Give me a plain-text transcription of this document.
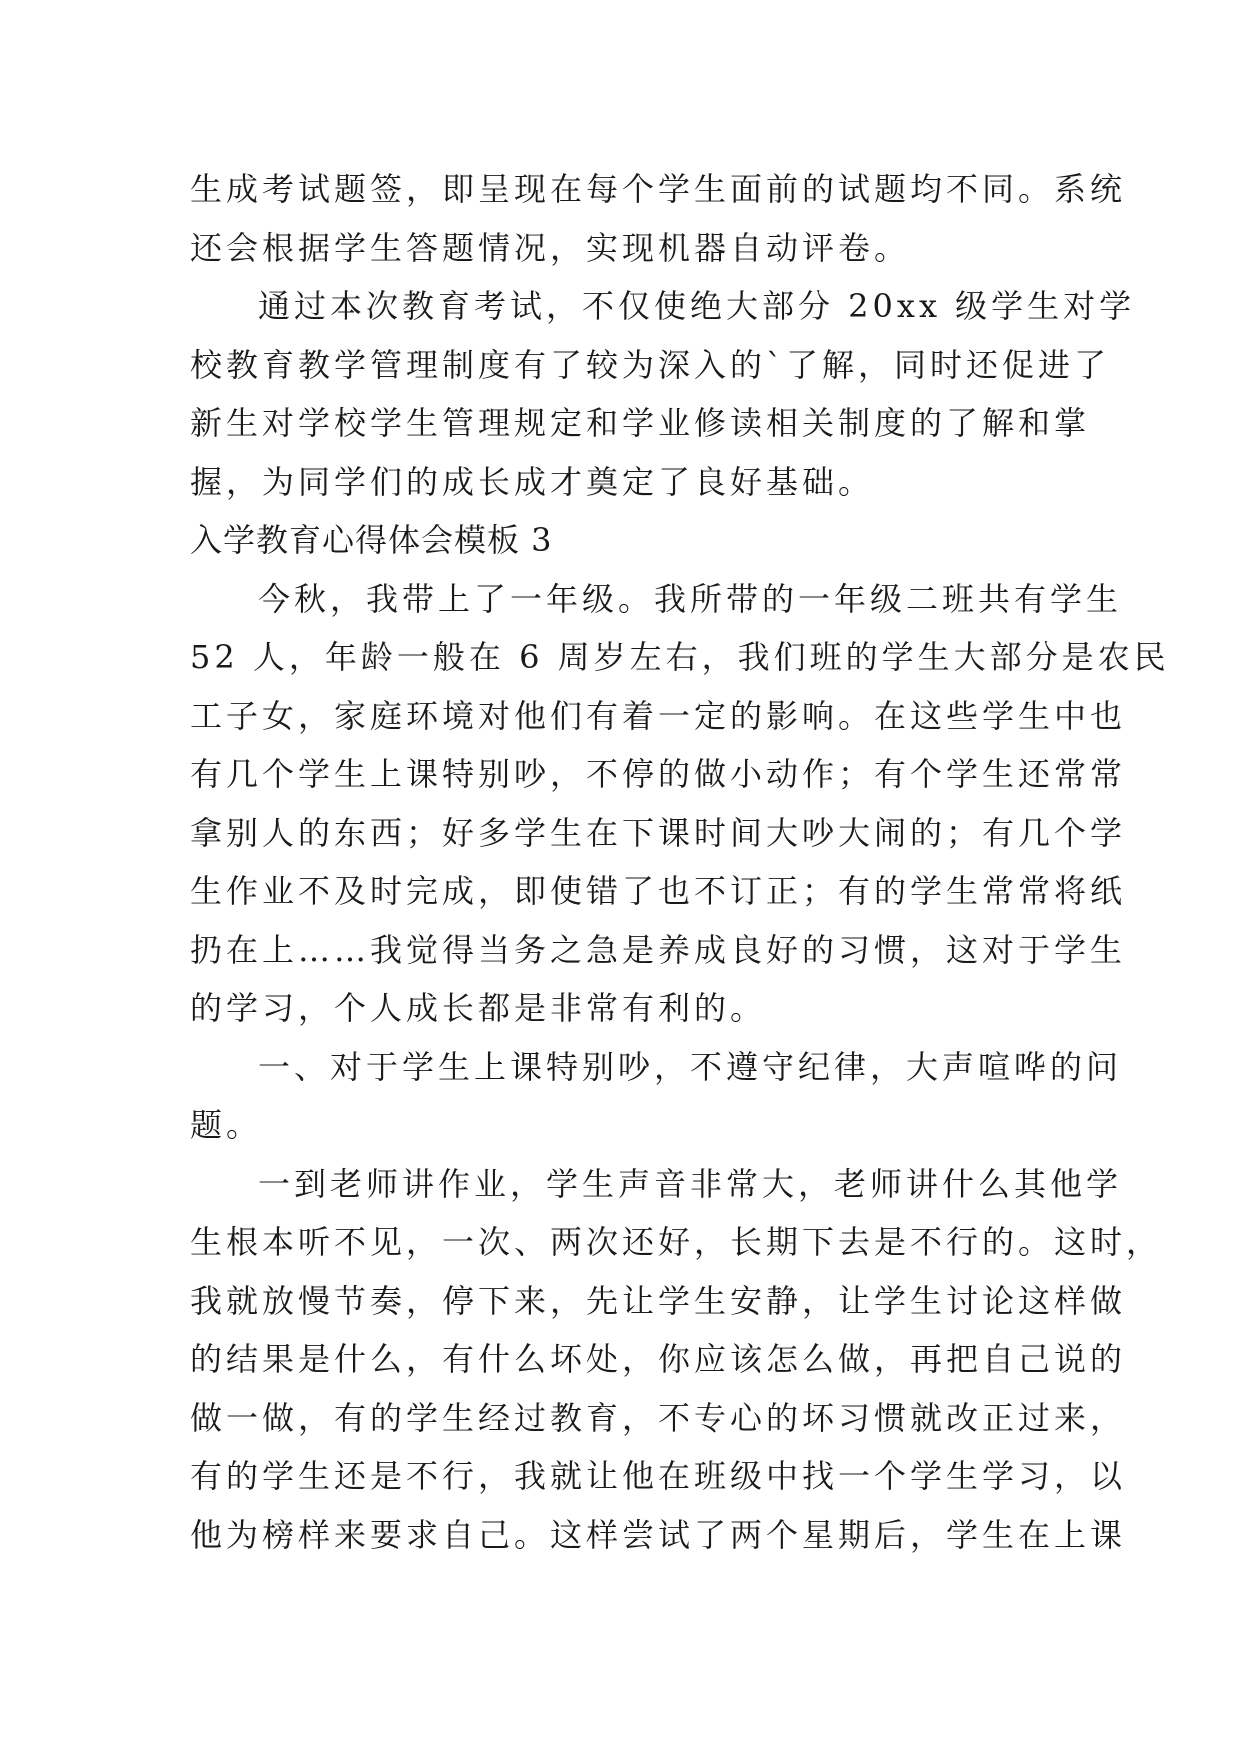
生成考试题签，即呈现在每个学生面前的试题均不同。系统
还会根据学生答题情况，实现机器自动评卷。
通过本次教育考试，不仅使绝大部分 20xx 级学生对学
校教育教学管理制度有了较为深入的`了解，同时还促进了
新生对学校学生管理规定和学业修读相关制度的了解和掌
握，为同学们的成长成才奠定了良好基础。
入学教育心得体会模板 3
今秋，我带上了一年级。我所带的一年级二班共有学生
52 人，年龄一般在 6 周岁左右，我们班的学生大部分是农民
工子女，家庭环境对他们有着一定的影响。在这些学生中也
有几个学生上课特别吵，不停的做小动作；有个学生还常常
拿别人的东西；好多学生在下课时间大吵大闹的；有几个学
生作业不及时完成，即使错了也不订正；有的学生常常将纸
扔在上……我觉得当务之急是养成良好的习惯，这对于学生
的学习，个人成长都是非常有利的。
一、对于学生上课特别吵，不遵守纪律，大声喧哗的问
题。
一到老师讲作业，学生声音非常大，老师讲什么其他学
生根本听不见，一次、两次还好，长期下去是不行的。这时，
我就放慢节奏，停下来，先让学生安静，让学生讨论这样做
的结果是什么，有什么坏处，你应该怎么做，再把自己说的
做一做，有的学生经过教育，不专心的坏习惯就改正过来，
有的学生还是不行，我就让他在班级中找一个学生学习，以
他为榜样来要求自己。这样尝试了两个星期后，学生在上课
